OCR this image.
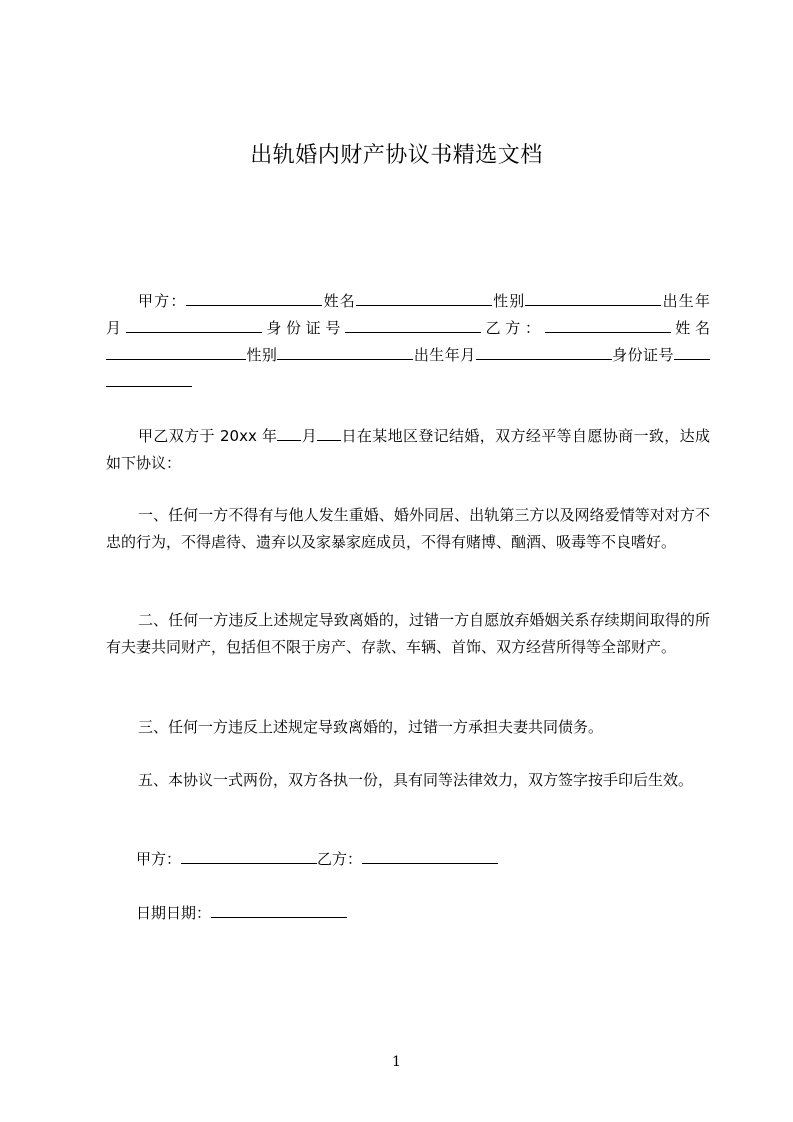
出轨婚内财产协议书精选文档

甲方：	姓名	性别	出生年月	身份证号	乙方：	姓名性别	出生年月	身份证号

甲乙双方于 20xx 年 月 日在某地区登记结婚，双方经平等自愿协商一致，达成如下协议：

一、任何一方不得有与他人发生重婚、婚外同居、出轨第三方以及网络爱情等对对方不忠的行为，不得虐待、遗弃以及家暴家庭成员，不得有赌博、酗酒、吸毒等不良嗜好。

二、任何一方违反上述规定导致离婚的，过错一方自愿放弃婚姻关系存续期间取得的所有夫妻共同财产，包括但不限于房产、存款、车辆、首饰、双方经营所得等全部财产。

三、任何一方违反上述规定导致离婚的，过错一方承担夫妻共同债务。

五、本协议一式两份，双方各执一份，具有同等法律效力，双方签字按手印后生效。

甲方：	乙方：

日期日期：

1
